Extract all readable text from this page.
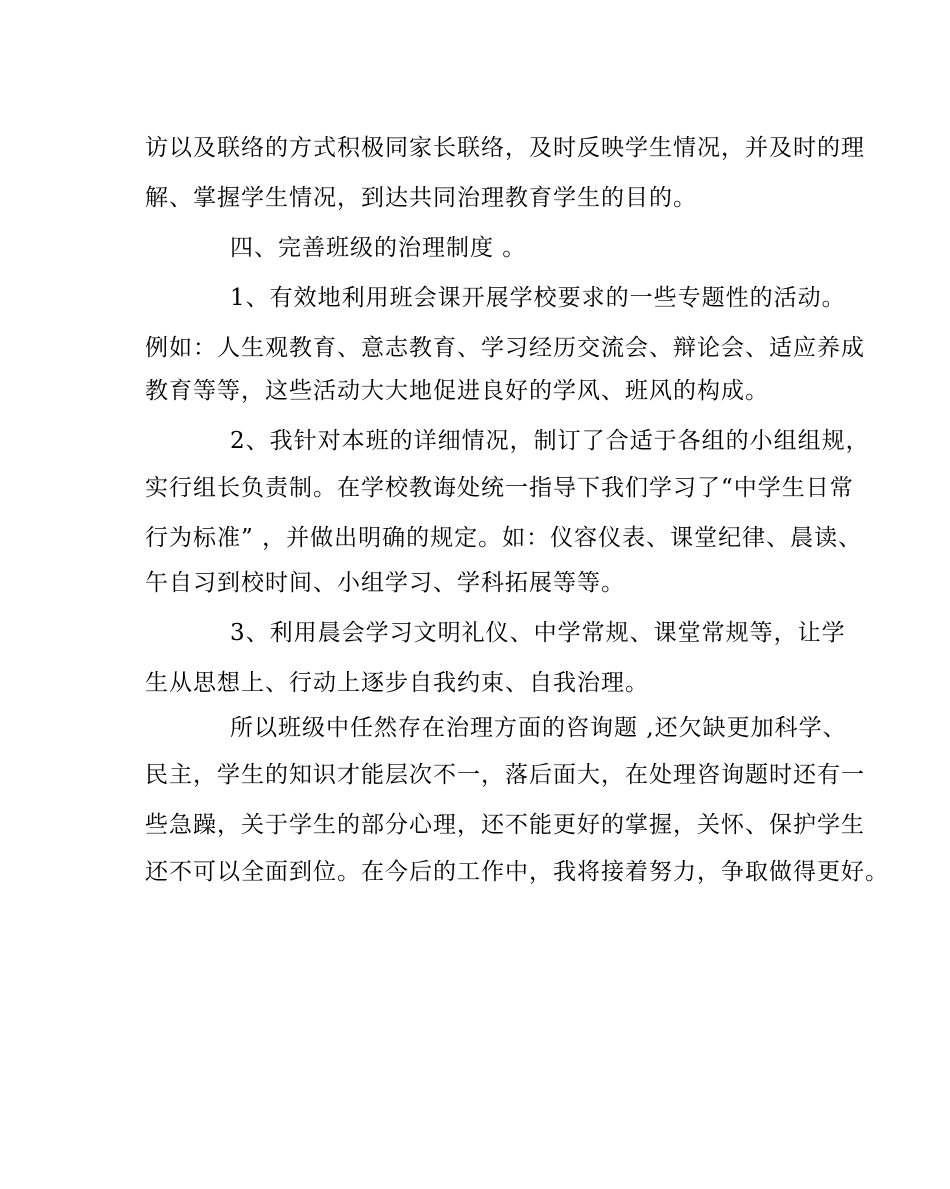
访以及联络的方式积极同家长联络，及时反映学生情况，并及时的理
解、掌握学生情况，到达共同治理教育学生的目的。
四、完善班级的治理制度 。
1、有效地利用班会课开展学校要求的一些专题性的活动。
例如：人生观教育、意志教育、学习经历交流会、辩论会、适应养成
教育等等，这些活动大大地促进良好的学风、班风的构成。
2、我针对本班的详细情况，制订了合适于各组的小组组规，
实行组长负责制。在学校教诲处统一指导下我们学习了“中学生日常
行为标准” ，并做出明确的规定。如：仪容仪表、课堂纪律、晨读、
午自习到校时间、小组学习、学科拓展等等。
3、利用晨会学习文明礼仪、中学常规、课堂常规等，让学
生从思想上、行动上逐步自我约束、自我治理。
所以班级中任然存在治理方面的咨询题 ,还欠缺更加科学、
民主，学生的知识才能层次不一，落后面大，在处理咨询题时还有一
些急躁，关于学生的部分心理，还不能更好的掌握，关怀、保护学生
还不可以全面到位。在今后的工作中，我将接着努力，争取做得更好。
